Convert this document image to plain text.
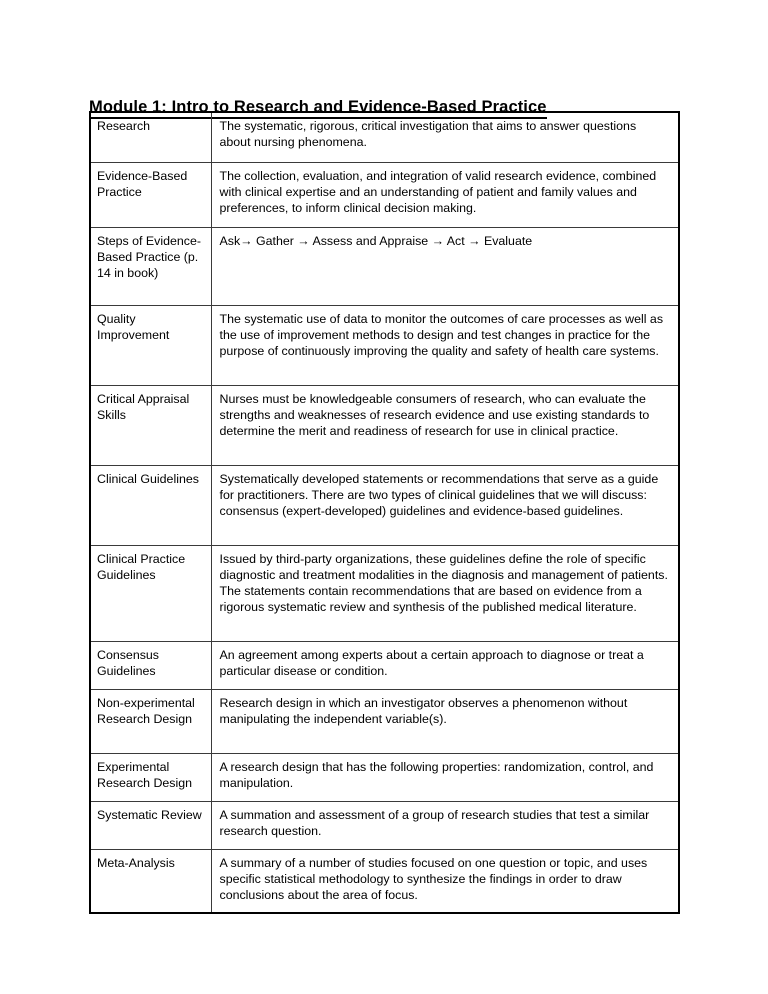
Module 1: Intro to Research and Evidence-Based Practice
Research	The systematic, rigorous, critical investigation that aims to answer questions about nursing phenomena.
Evidence-Based Practice	The collection, evaluation, and integration of valid research evidence, combined with clinical expertise and an understanding of patient and family values and preferences, to inform clinical decision making.
Steps of Evidence-Based Practice (p. 14 in book)	Ask→ Gather → Assess and Appraise → Act → Evaluate
Quality Improvement	The systematic use of data to monitor the outcomes of care processes as well as the use of improvement methods to design and test changes in practice for the purpose of continuously improving the quality and safety of health care systems.
Critical Appraisal Skills	Nurses must be knowledgeable consumers of research, who can evaluate the strengths and weaknesses of research evidence and use existing standards to determine the merit and readiness of research for use in clinical practice.
Clinical Guidelines	Systematically developed statements or recommendations that serve as a guide for practitioners. There are two types of clinical guidelines that we will discuss: consensus (expert-developed) guidelines and evidence-based guidelines.
Clinical Practice Guidelines	Issued by third-party organizations, these guidelines define the role of specific diagnostic and treatment modalities in the diagnosis and management of patients. The statements contain recommendations that are based on evidence from a rigorous systematic review and synthesis of the published medical literature.
Consensus Guidelines	An agreement among experts about a certain approach to diagnose or treat a particular disease or condition.
Non-experimental Research Design	Research design in which an investigator observes a phenomenon without manipulating the independent variable(s).
Experimental Research Design	A research design that has the following properties: randomization, control, and manipulation.
Systematic Review	A summation and assessment of a group of research studies that test a similar research question.
Meta-Analysis	A summary of a number of studies focused on one question or topic, and uses specific statistical methodology to synthesize the findings in order to draw conclusions about the area of focus.
